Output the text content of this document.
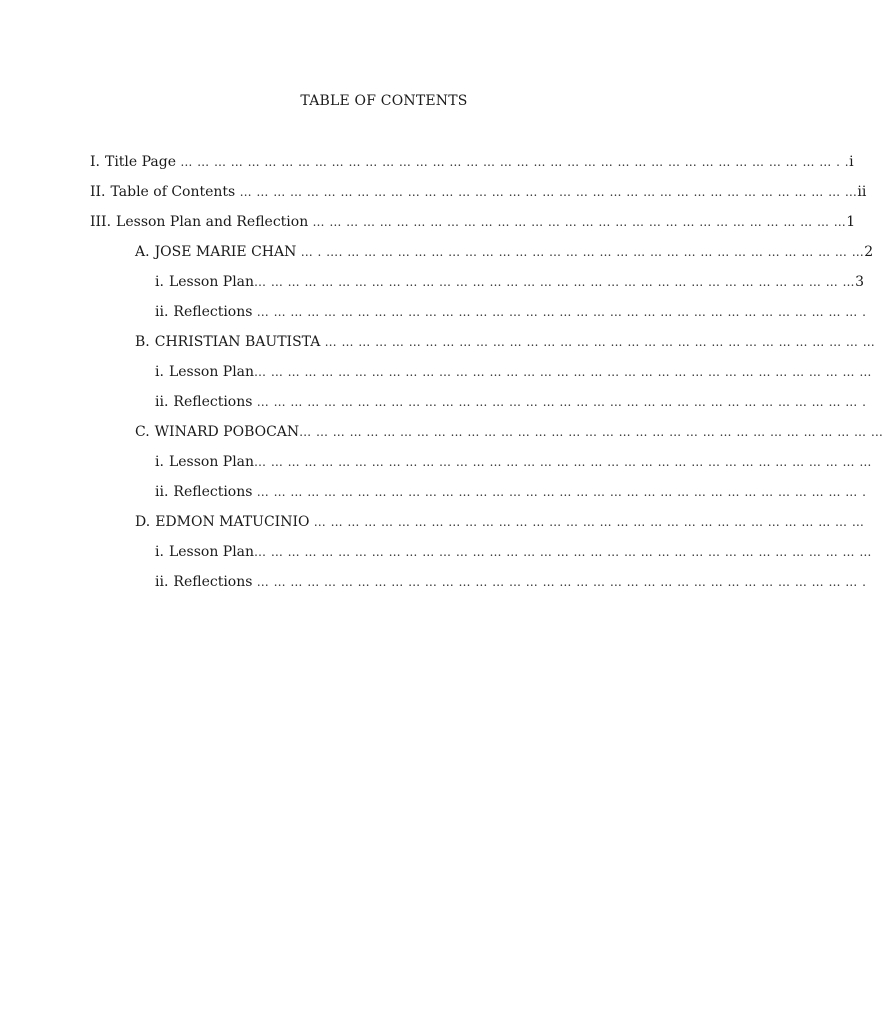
TABLE OF CONTENTS
I. Title Page … … … … … … … … … … … … … … … … … … … … … … … … … … … … … … … … … … … … … … … . .i
II. Table of Contents … … … … … … … … … … … … … … … … … … … … … … … … … … … … … … … … … … … … …ii
III. Lesson Plan and Reflection … … … … … … … … … … … … … … … … … … … … … … … … … … … … … … … …1
A. JOSE MARIE CHAN … . …. … … … … … … … … … … … … … … … … … … … … … … … … … … … … … … …2
i. Lesson Plan… … … … … … … … … … … … … … … … … … … … … … … … … … … … … … … … … … … …3
ii. Reflections … … … … … … … … … … … … … … … … … … … … … … … … … … … … … … … … … … … … .
B. CHRISTIAN BAUTISTA … … … … … … … … … … … … … … … … … … … … … … … … … … … … … … … … …
i. Lesson Plan… … … … … … … … … … … … … … … … … … … … … … … … … … … … … … … … … … … … …
ii. Reflections … … … … … … … … … … … … … … … … … … … … … … … … … … … … … … … … … … … … .
C. WINARD POBOCAN… … … … … … … … … … … … … … … … … … … … … … … … … … … … … … … … … … …
i. Lesson Plan… … … … … … … … … … … … … … … … … … … … … … … … … … … … … … … … … … … … …
ii. Reflections … … … … … … … … … … … … … … … … … … … … … … … … … … … … … … … … … … … … .
D. EDMON MATUCINIO … … … … … … … … … … … … … … … … … … … … … … … … … … … … … … … … …
i. Lesson Plan… … … … … … … … … … … … … … … … … … … … … … … … … … … … … … … … … … … … …
ii. Reflections … … … … … … … … … … … … … … … … … … … … … … … … … … … … … … … … … … … … .
